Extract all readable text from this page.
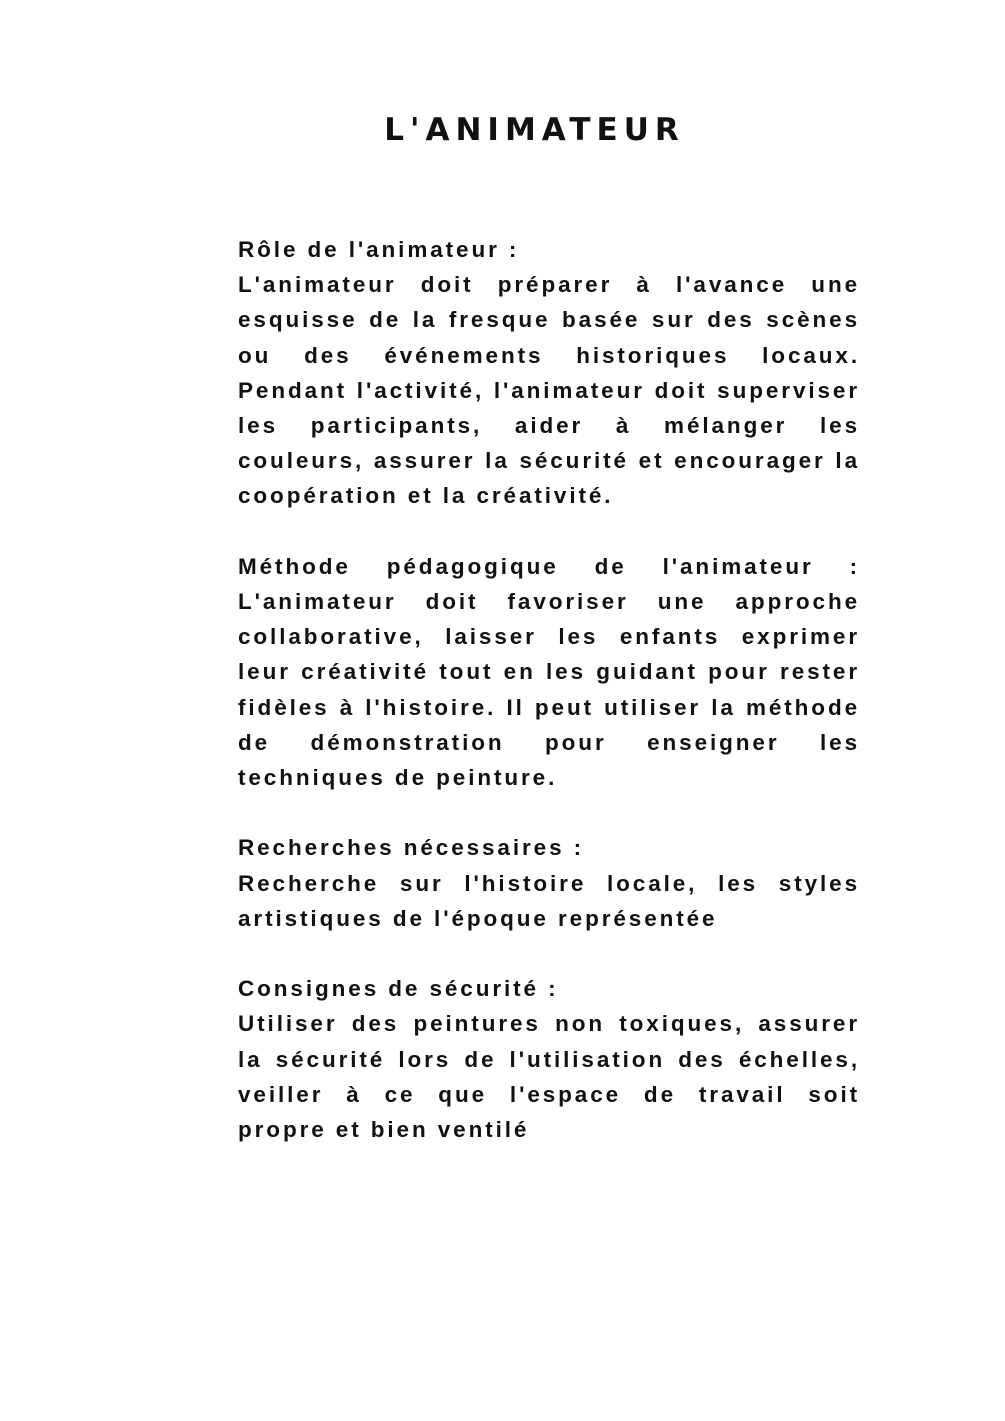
L'ANIMATEUR
Rôle de l'animateur :
L'animateur doit préparer à l'avance une esquisse de la fresque basée sur des scènes ou des événements historiques locaux. Pendant l'activité, l'animateur doit superviser les participants, aider à mélanger les couleurs, assurer la sécurité et encourager la coopération et la créativité.
Méthode pédagogique de l'animateur :
L'animateur doit favoriser une approche collaborative, laisser les enfants exprimer leur créativité tout en les guidant pour rester fidèles à l'histoire. Il peut utiliser la méthode de démonstration pour enseigner les techniques de peinture.
Recherches nécessaires :
Recherche sur l'histoire locale, les styles artistiques de l'époque représentée
Consignes de sécurité :
Utiliser des peintures non toxiques, assurer la sécurité lors de l'utilisation des échelles, veiller à ce que l'espace de travail soit propre et bien ventilé
